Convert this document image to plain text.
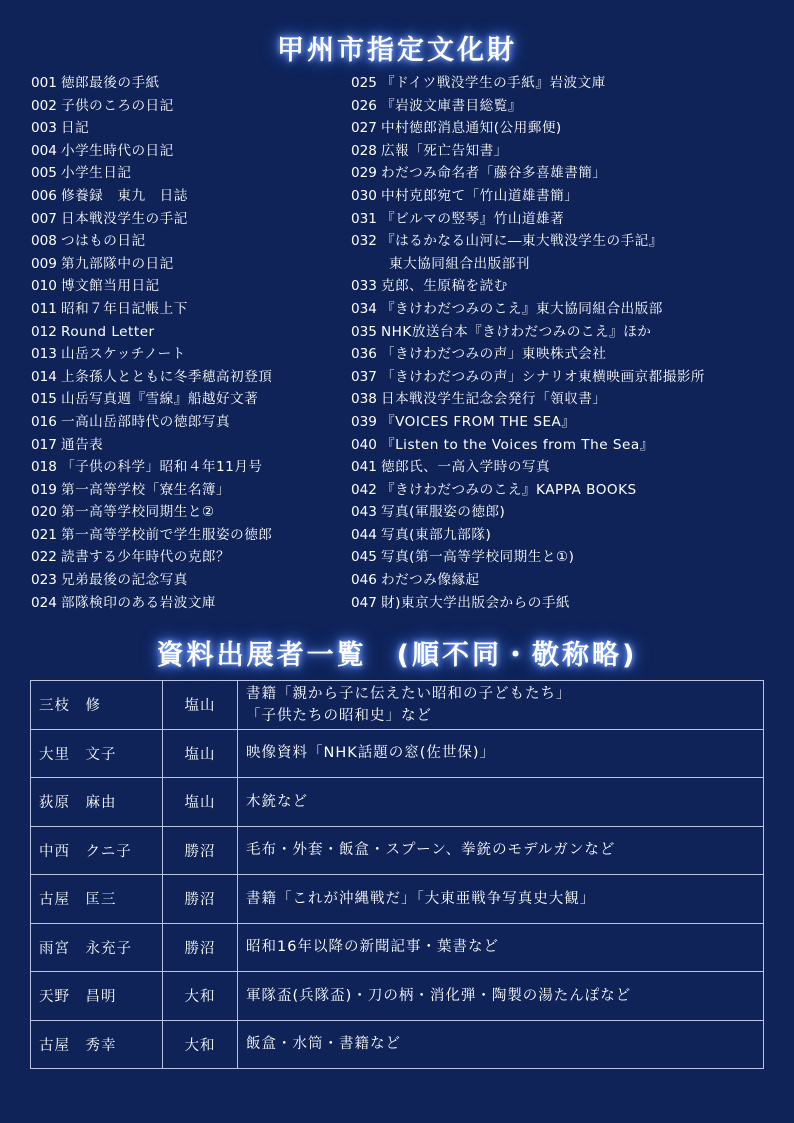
甲州市指定文化財
001 徳郎最後の手紙
002 子供のころの日記
003 日記
004 小学生時代の日記
005 小学生日記
006 修養録　東九　日誌
007 日本戦没学生の手記
008 つはもの日記
009 第九部隊中の日記
010 博文館当用日記
011 昭和７年日記帳上下
012 Round Letter
013 山岳スケッチノート
014 上条孫人とともに冬季穂高初登頂
015 山岳写真週『雪線』船越好文著
016 一高山岳部時代の徳郎写真
017 通告表
018 「子供の科学」昭和４年11月号
019 第一高等学校「寮生名簿」
020 第一高等学校同期生と②
021 第一高等学校前で学生服姿の徳郎
022 読書する少年時代の克郎？
023 兄弟最後の記念写真
024 部隊検印のある岩波文庫
025 『ドイツ戦没学生の手紙』岩波文庫
026 『岩波文庫書目総覧』
027 中村徳郎消息通知(公用郵便)
028 広報「死亡告知書」
029 わだつみ命名者「藤谷多喜雄書簡」
030 中村克郎宛て「竹山道雄書簡」
031 『ビルマの竪琴』竹山道雄著
032 『はるかなる山河に―東大戦没学生の手記』
東大協同組合出版部刊
033 克郎、生原稿を読む
034 『きけわだつみのこえ』東大協同組合出版部
035 NHK放送台本『きけわだつみのこえ』ほか
036 「きけわだつみの声」東映株式会社
037 「きけわだつみの声」シナリオ東横映画京都撮影所
038 日本戦没学生記念会発行「領収書」
039 『VOICES FROM THE SEA』
040 『Listen to the Voices from The Sea』
041 徳郎氏、一高入学時の写真
042 『きけわだつみのこえ』KAPPA BOOKS
043 写真(軍服姿の徳郎)
044 写真(東部九部隊)
045 写真(第一高等学校同期生と①)
046 わだつみ像縁起
047 財)東京大学出版会からの手紙
資料出展者一覧　(順不同・敬称略)
三枝　修	塩山	書籍「親から子に伝えたい昭和の子どもたち」
「子供たちの昭和史」など

大里　文子	塩山	映像資料「NHK話題の窓(佐世保)」

荻原　麻由	塩山	木銃など

中西　クニ子	勝沼	毛布・外套・飯盒・スプーン、拳銃のモデルガンなど

古屋　匡三	勝沼	書籍「これが沖縄戦だ」「大東亜戦争写真史大観」

雨宮　永充子	勝沼	昭和16年以降の新聞記事・葉書など

天野　昌明	大和	軍隊盃(兵隊盃)・刀の柄・消化弾・陶製の湯たんぽなど

古屋　秀幸	大和	飯盒・水筒・書籍など
